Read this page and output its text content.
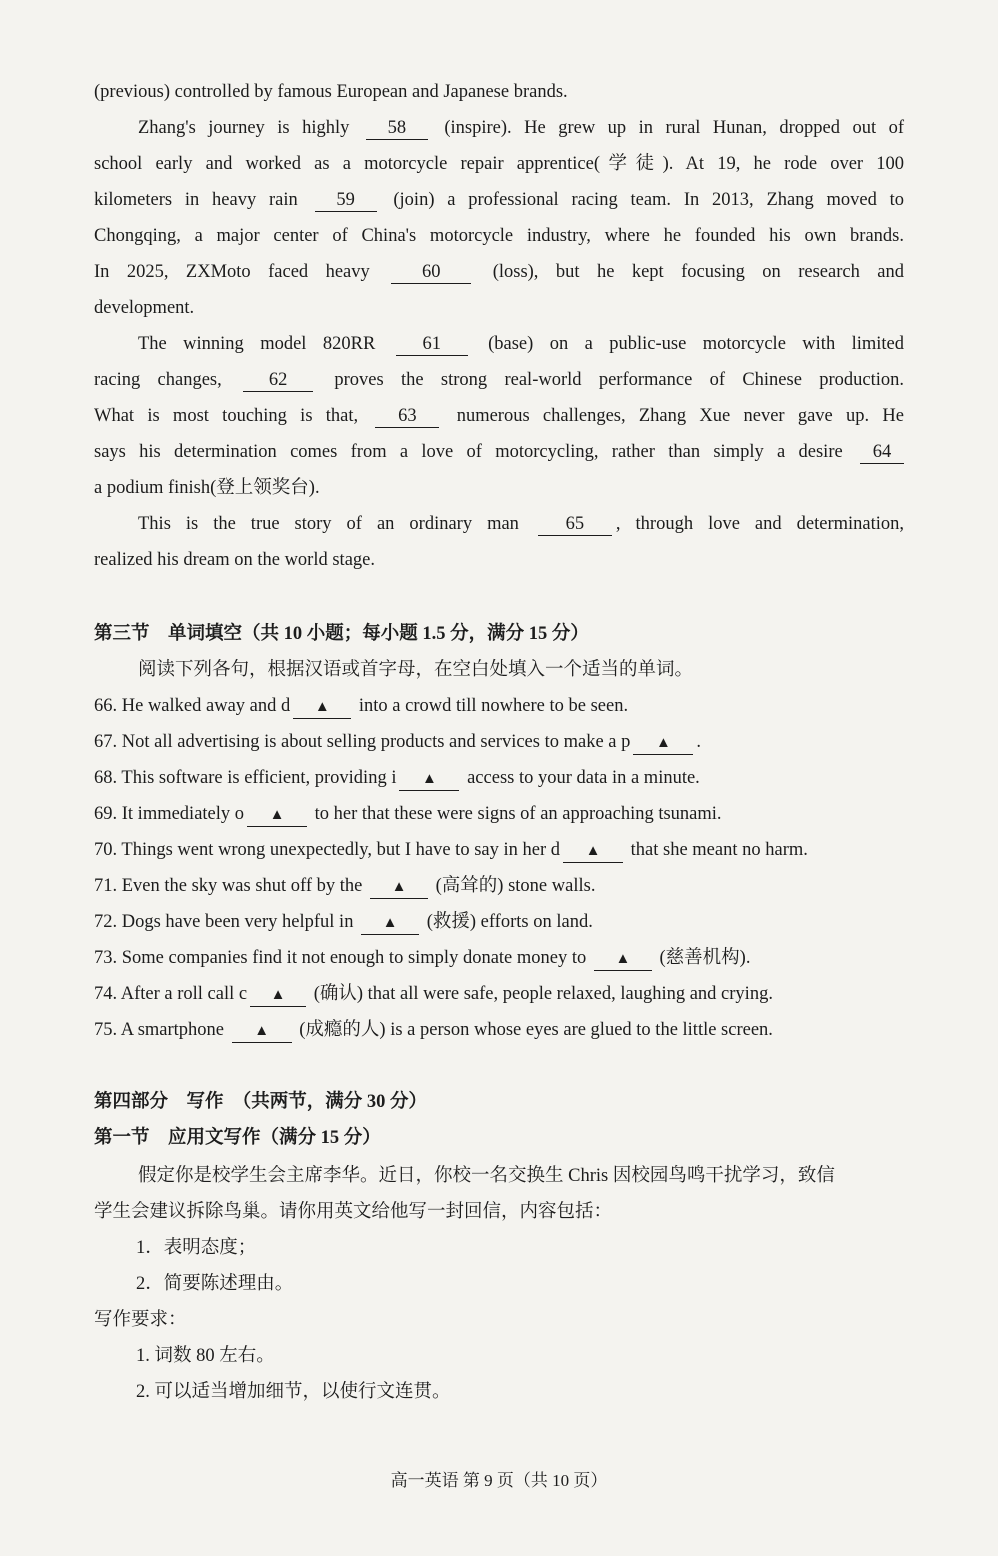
(previous) controlled by famous European and Japanese brands.
Zhang's journey is highly 58 (inspire). He grew up in rural Hunan, dropped out of
school early and worked as a motorcycle repair apprentice(学徒). At 19, he rode over 100
kilometers in heavy rain 59 (join) a professional racing team. In 2013, Zhang moved to
Chongqing, a major center of China's motorcycle industry, where he founded his own brands.
In 2025, ZXMoto faced heavy	60	(loss), but he kept focusing on research and
development.
The winning model 820RR	61	(base) on a public-use motorcycle with limited
racing changes,	62	proves the strong real-world performance of Chinese production.
What is most touching is that, 63 numerous challenges, Zhang Xue never gave up. He
says his determination comes from a love of motorcycling, rather than simply a desire 64
a podium finish(登上领奖台).
This is the true story of an ordinary man	65 , through love and determination,
realized his dream on the world stage.
第三节　单词填空（共 10 小题；每小题 1.5 分，满分 15 分）
阅读下列各句，根据汉语或首字母，在空白处填入一个适当的单词。
66. He walked away and d ▲ into a crowd till nowhere to be seen.
67. Not all advertising is about selling products and services to make a p ▲ .
68. This software is efficient, providing i ▲ access to your data in a minute.
69. It immediately o ▲ to her that these were signs of an approaching tsunami.
70. Things went wrong unexpectedly, but I have to say in her d ▲ that she meant no harm.
71. Even the sky was shut off by the ▲ (高耸的) stone walls.
72. Dogs have been very helpful in ▲ (救援) efforts on land.
73. Some companies find it not enough to simply donate money to ▲ (慈善机构).
74. After a roll call c ▲ (确认) that all were safe, people relaxed, laughing and crying.
75. A smartphone ▲ (成瘾的人) is a person whose eyes are glued to the little screen.
第四部分　写作　（共两节，满分 30 分）
第一节　应用文写作（满分 15 分）
假定你是校学生会主席李华。近日，你校一名交换生 Chris 因校园鸟鸣干扰学习，致信
学生会建议拆除鸟巢。请你用英文给他写一封回信，内容包括：
1．表明态度；
2．简要陈述理由。
写作要求：
1. 词数 80 左右。
2. 可以适当增加细节，以使行文连贯。
高一英语 第 9 页（共 10 页）
